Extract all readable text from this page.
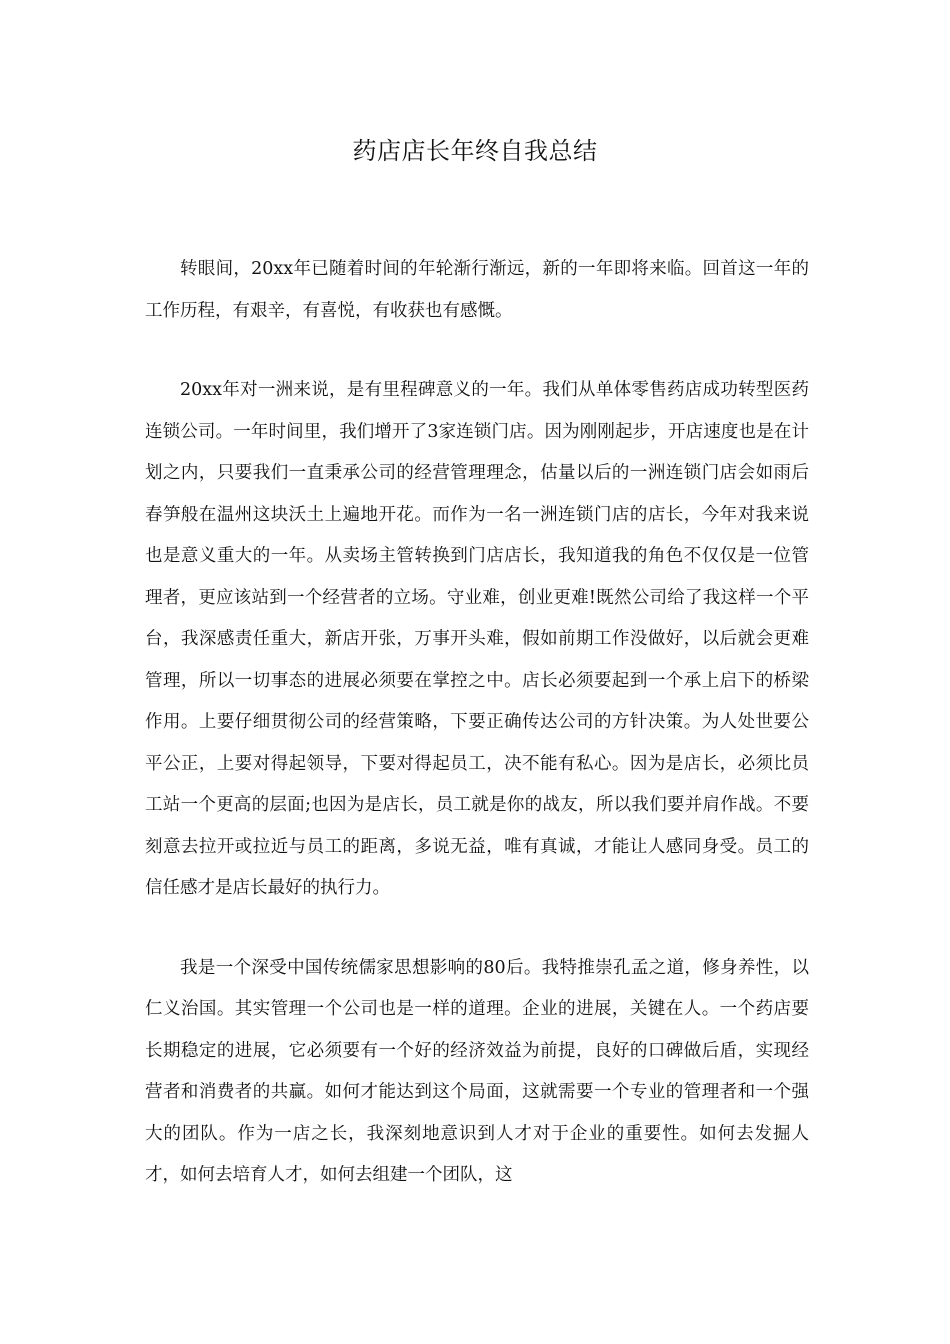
药店店长年终自我总结

转眼间，20xx年已随着时间的年轮渐行渐远，新的一年即将来临。回首这一年的工作历程，有艰辛，有喜悦，有收获也有感慨。

20xx年对一洲来说，是有里程碑意义的一年。我们从单体零售药店成功转型医药连锁公司。一年时间里，我们增开了3家连锁门店。因为刚刚起步，开店速度也是在计划之内，只要我们一直秉承公司的经营管理理念，估量以后的一洲连锁门店会如雨后春笋般在温州这块沃土上遍地开花。而作为一名一洲连锁门店的店长，今年对我来说也是意义重大的一年。从卖场主管转换到门店店长，我知道我的角色不仅仅是一位管理者，更应该站到一个经营者的立场。守业难，创业更难!既然公司给了我这样一个平台，我深感责任重大，新店开张，万事开头难，假如前期工作没做好，以后就会更难管理，所以一切事态的进展必须要在掌控之中。店长必须要起到一个承上启下的桥梁作用。上要仔细贯彻公司的经营策略，下要正确传达公司的方针决策。为人处世要公平公正，上要对得起领导，下要对得起员工，决不能有私心。因为是店长，必须比员工站一个更高的层面;也因为是店长，员工就是你的战友，所以我们要并肩作战。不要刻意去拉开或拉近与员工的距离，多说无益，唯有真诚，才能让人感同身受。员工的信任感才是店长最好的执行力。

我是一个深受中国传统儒家思想影响的80后。我特推崇孔孟之道，修身养性，以仁义治国。其实管理一个公司也是一样的道理。企业的进展，关键在人。一个药店要长期稳定的进展，它必须要有一个好的经济效益为前提，良好的口碑做后盾，实现经营者和消费者的共赢。如何才能达到这个局面，这就需要一个专业的管理者和一个强大的团队。作为一店之长，我深刻地意识到人才对于企业的重要性。如何去发掘人才，如何去培育人才，如何去组建一个团队，这
